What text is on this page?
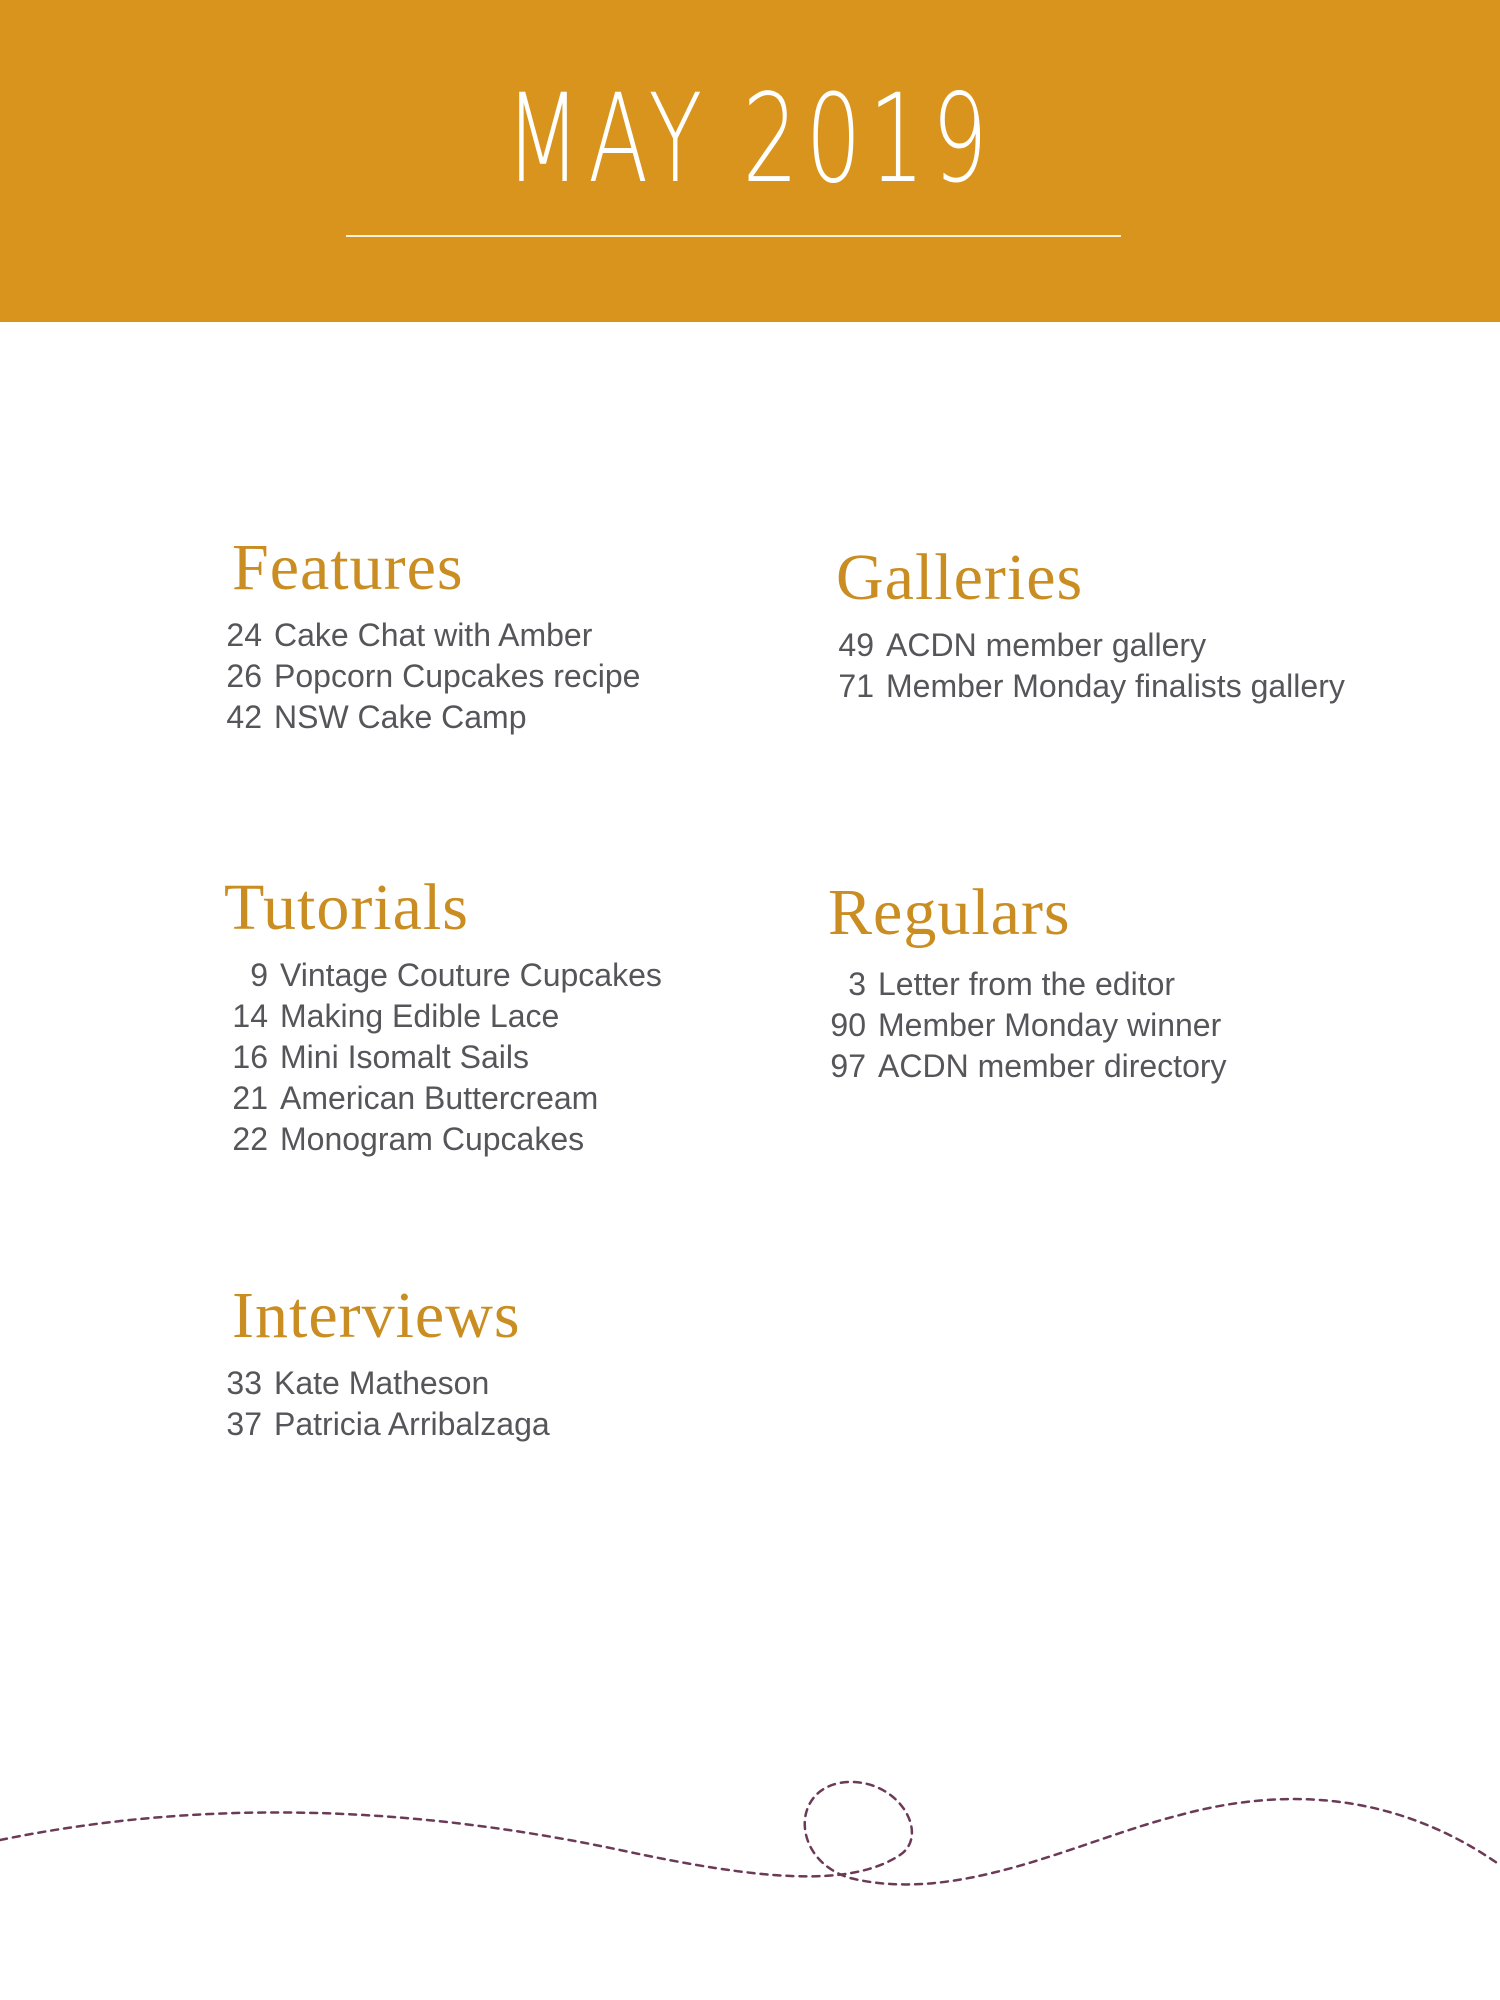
MAY 2019
Features
24 Cake Chat with Amber
26 Popcorn Cupcakes recipe
42 NSW Cake Camp
Galleries
49 ACDN member gallery
71 Member Monday finalists gallery
Tutorials
9 Vintage Couture Cupcakes
14 Making Edible Lace
16 Mini Isomalt Sails
21 American Buttercream
22 Monogram Cupcakes
Regulars
3 Letter from the editor
90 Member Monday winner
97 ACDN member directory
Interviews
33 Kate Matheson
37 Patricia Arribalzaga
